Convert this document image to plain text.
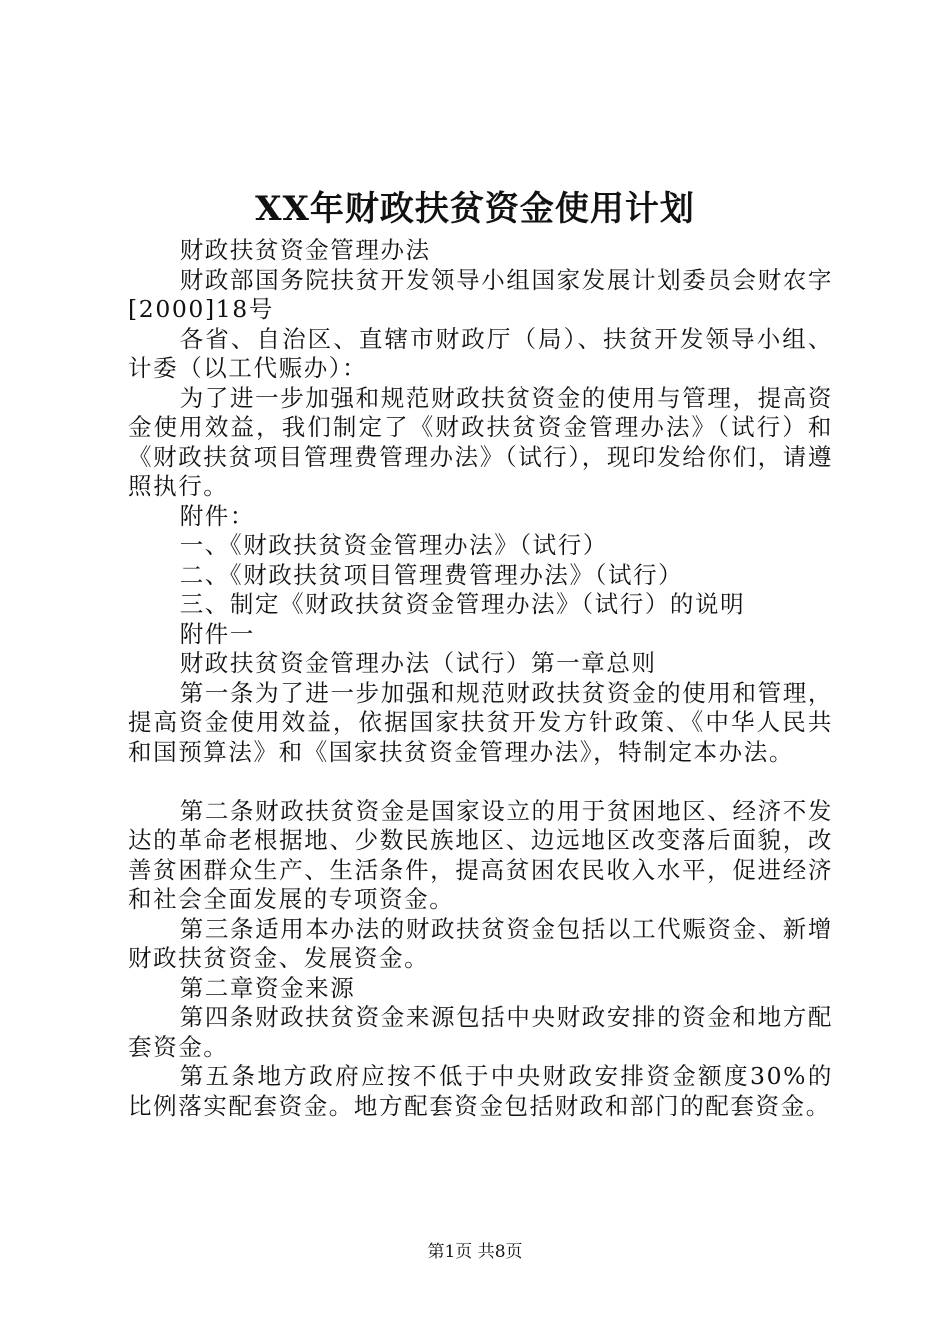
XX年财政扶贫资金使用计划

财政扶贫资金管理办法

财政部国务院扶贫开发领导小组国家发展计划委员会财农字[2000]18号

各省、自治区、直辖市财政厅（局）、扶贫开发领导小组、计委（以工代赈办）：

为了进一步加强和规范财政扶贫资金的使用与管理，提高资金使用效益，我们制定了《财政扶贫资金管理办法》（试行）和《财政扶贫项目管理费管理办法》（试行），现印发给你们，请遵照执行。

附件：

一、《财政扶贫资金管理办法》（试行）

二、《财政扶贫项目管理费管理办法》（试行）

三、制定《财政扶贫资金管理办法》（试行）的说明

附件一

财政扶贫资金管理办法（试行）第一章总则

第一条为了进一步加强和规范财政扶贫资金的使用和管理，提高资金使用效益，依据国家扶贫开发方针政策、《中华人民共和国预算法》和《国家扶贫资金管理办法》，特制定本办法。

第二条财政扶贫资金是国家设立的用于贫困地区、经济不发达的革命老根据地、少数民族地区、边远地区改变落后面貌，改善贫困群众生产、生活条件，提高贫困农民收入水平，促进经济和社会全面发展的专项资金。

第三条适用本办法的财政扶贫资金包括以工代赈资金、新增财政扶贫资金、发展资金。

第二章资金来源

第四条财政扶贫资金来源包括中央财政安排的资金和地方配套资金。

第五条地方政府应按不低于中央财政安排资金额度30%的比例落实配套资金。地方配套资金包括财政和部门的配套资金。

第1页 共8页
